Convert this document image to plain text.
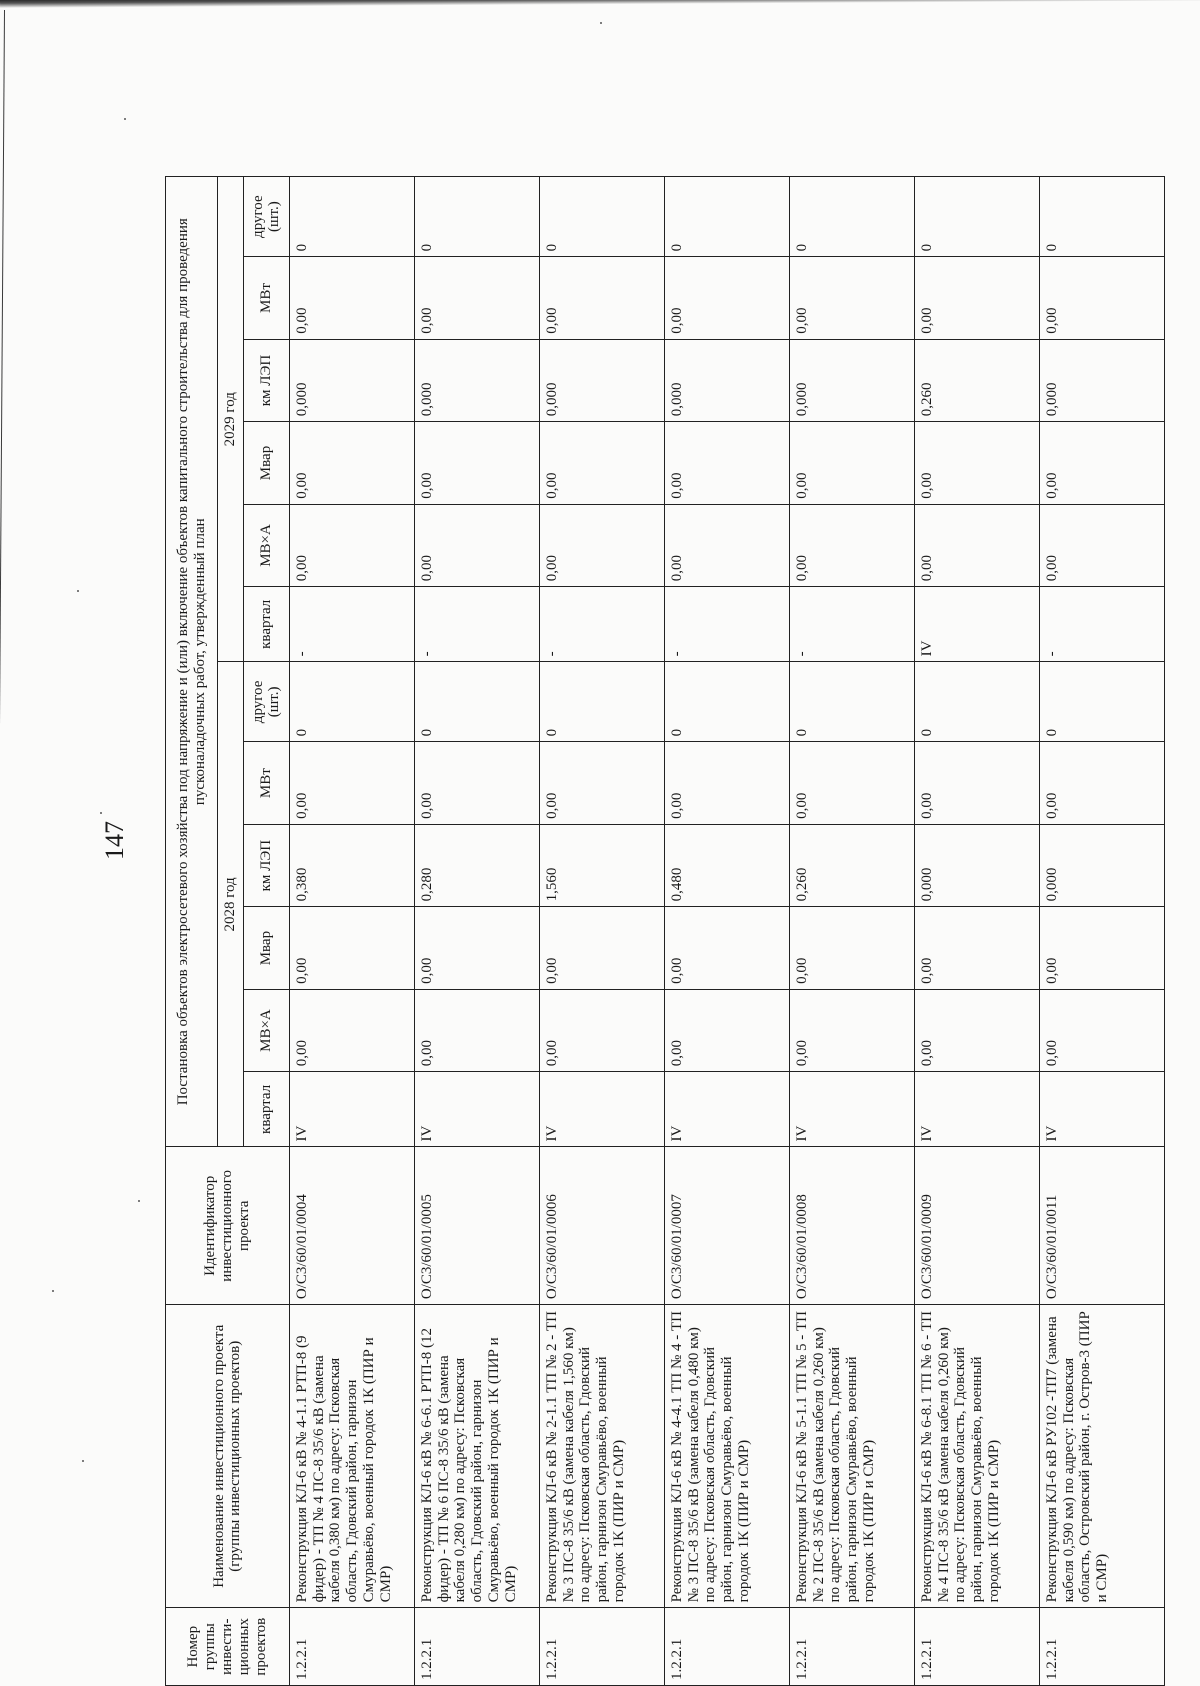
147
Номер группы инвести-ционных проектов	Наименование инвестиционного проекта (группы инвестиционных проектов)	Идентификатор инвестиционного проекта	Постановка объектов электросетевого хозяйства под напряжение и (или) включение объектов капитального строительства для проведения пусконаладочных работ, утвержденный план											
			2028 год						2029 год					
			квартал	МВ×А	Мвар	км ЛЭП	МВт	другое (шт.)	квартал	МВ×А	Мвар	км ЛЭП	МВт	другое (шт.)
1.2.2.1	Реконструкция КЛ-6 кВ № 4-1.1 РТП-8 (9 фидер) - ТП № 4 ПС-8 35/6 кВ (замена кабеля 0,380 км) по адресу: Псковская область, Гдовский район, гарнизон Смуравьёво, военный городок 1К (ПИР и СМР)	O/C3/60/01/0004	IV	0,00	0,00	0,380	0,00	0	-	0,00	0,00	0,000	0,00	0
1.2.2.1	Реконструкция КЛ-6 кВ № 6-6.1 РТП-8 (12 фидер) - ТП № 6 ПС-8 35/6 кВ (замена кабеля 0,280 км) по адресу: Псковская область, Гдовский район, гарнизон Смуравьёво, военный городок 1К (ПИР и СМР)	O/C3/60/01/0005	IV	0,00	0,00	0,280	0,00	0	-	0,00	0,00	0,000	0,00	0
1.2.2.1	Реконструкция КЛ-6 кВ № 2-1.1 ТП № 2 - ТП № 3 ПС-8 35/6 кВ (замена кабеля 1,560 км) по адресу: Псковская область, Гдовский район, гарнизон Смуравьёво, военный городок 1К (ПИР и СМР)	O/C3/60/01/0006	IV	0,00	0,00	1,560	0,00	0	-	0,00	0,00	0,000	0,00	0
1.2.2.1	Реконструкция КЛ-6 кВ № 4-4.1 ТП № 4 - ТП № 3 ПС-8 35/6 кВ (замена кабеля 0,480 км) по адресу: Псковская область, Гдовский район, гарнизон Смуравьёво, военный городок 1К (ПИР и СМР)	O/C3/60/01/0007	IV	0,00	0,00	0,480	0,00	0	-	0,00	0,00	0,000	0,00	0
1.2.2.1	Реконструкция КЛ-6 кВ № 5-1.1 ТП № 5 - ТП № 2 ПС-8 35/6 кВ (замена кабеля 0,260 км) по адресу: Псковская область, Гдовский район, гарнизон Смуравьёво, военный городок 1К (ПИР и СМР)	O/C3/60/01/0008	IV	0,00	0,00	0,260	0,00	0	-	0,00	0,00	0,000	0,00	0
1.2.2.1	Реконструкция КЛ-6 кВ № 6-8.1 ТП № 6 - ТП № 4 ПС-8 35/6 кВ (замена кабеля 0,260 км) по адресу: Псковская область, Гдовский район, гарнизон Смуравьёво, военный городок 1К (ПИР и СМР)	O/C3/60/01/0009	IV	0,00	0,00	0,000	0,00	0	IV	0,00	0,00	0,260	0,00	0
1.2.2.1	Реконструкция КЛ-6 кВ РУ102 -ТП7 (замена кабеля 0,590 км) по адресу: Псковская область, Островский район, г. Остров-3 (ПИР и СМР)	O/C3/60/01/0011	IV	0,00	0,00	0,000	0,00	0	-	0,00	0,00	0,000	0,00	0
